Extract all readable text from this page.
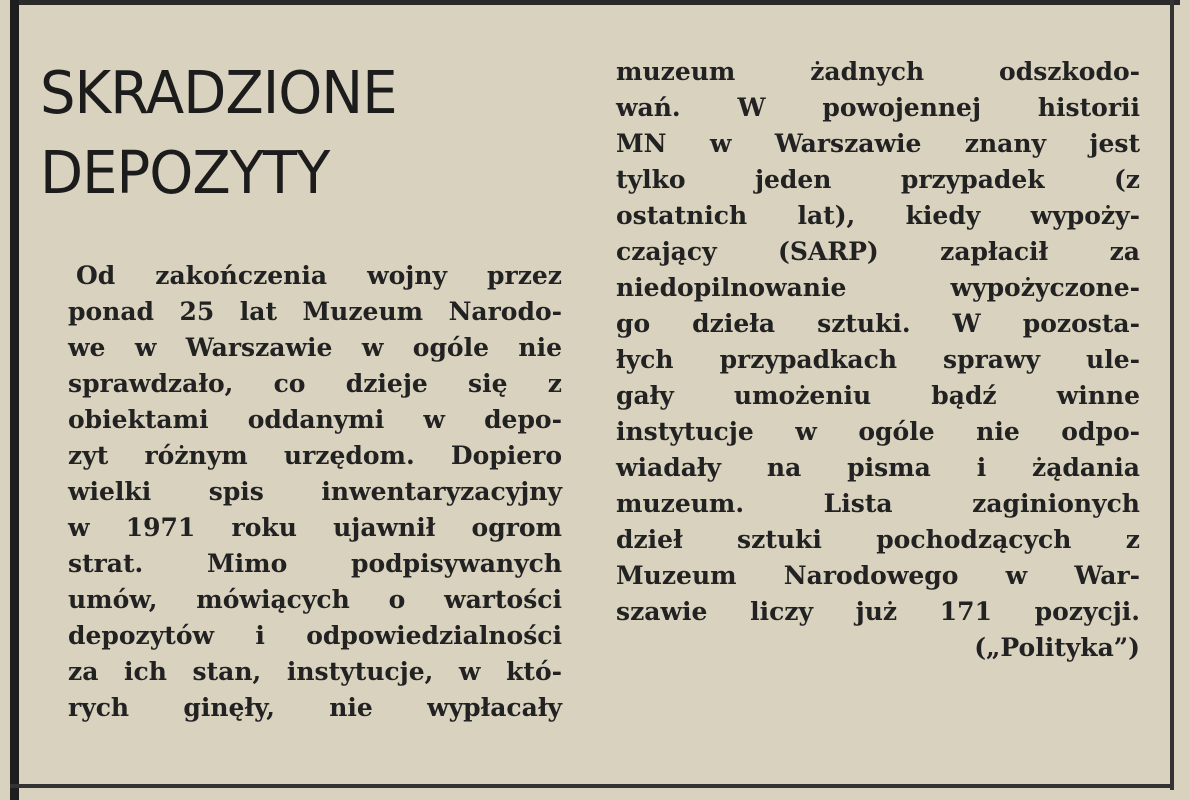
SKRADZIONE
DEPOZYTY
Od zakończenia wojny przez
ponad 25 lat Muzeum Narodo-
we w Warszawie w ogóle nie
sprawdzało, co dzieje się z
obiektami oddanymi w depo-
zyt różnym urzędom. Dopiero
wielki spis inwentaryzacyjny
w 1971 roku ujawnił ogrom
strat. Mimo podpisywanych
umów, mówiących o wartości
depozytów i odpowiedzialności
za ich stan, instytucje, w któ-
rych ginęły, nie wypłacały
muzeum żadnych odszkodo-
wań. W powojennej historii
MN w Warszawie znany jest
tylko jeden przypadek (z
ostatnich lat), kiedy wypoży-
czający (SARP) zapłacił za
niedopilnowanie wypożyczone-
go dzieła sztuki. W pozosta-
łych przypadkach sprawy ule-
gały umożeniu bądź winne
instytucje w ogóle nie odpo-
wiadały na pisma i żądania
muzeum. Lista zaginionych
dzieł sztuki pochodzących z
Muzeum Narodowego w War-
szawie liczy już 171 pozycji.
(„Polityka”)
